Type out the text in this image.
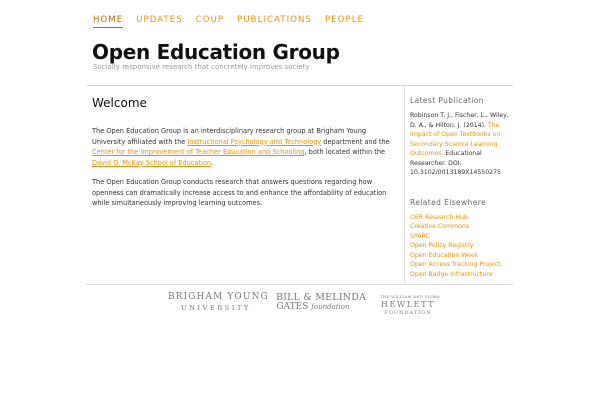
HOME UPDATES COUP PUBLICATIONS PEOPLE
Open Education Group

Socially responsive research that concretely improves society

Welcome

The Open Education Group is an interdisciplinary research group at Brigham Young University affiliated with the Instructional Psychology and Technology department and the Center for the Improvement of Teacher Education and Schooling, both located within the David O. McKay School of Education.

The Open Education Group conducts research that answers questions regarding how openness can dramatically increase access to and enhance the affordability of education while simultaneously improving learning outcomes.

Latest Publication
Robinson T. J., Fischer, L., Wiley, D. A., & Hilton, J. (2014). The Impact of Open Textbooks on Secondary Science Learning Outcomes. Educational Researcher. DOI: 10.3102/0013189X14550275
Related Elsewhere
OER Research Hub
Creative Commons
SPARC
Open Policy Registry
Open Education Week
Open Access Tracking Project
Open Badge Infrastructure
BRIGHAM YOUNG
UNIVERSITY
BILL & MELINDA
GATES foundation
THE WILLIAM AND FLORA
HEWLETT
FOUNDATION
